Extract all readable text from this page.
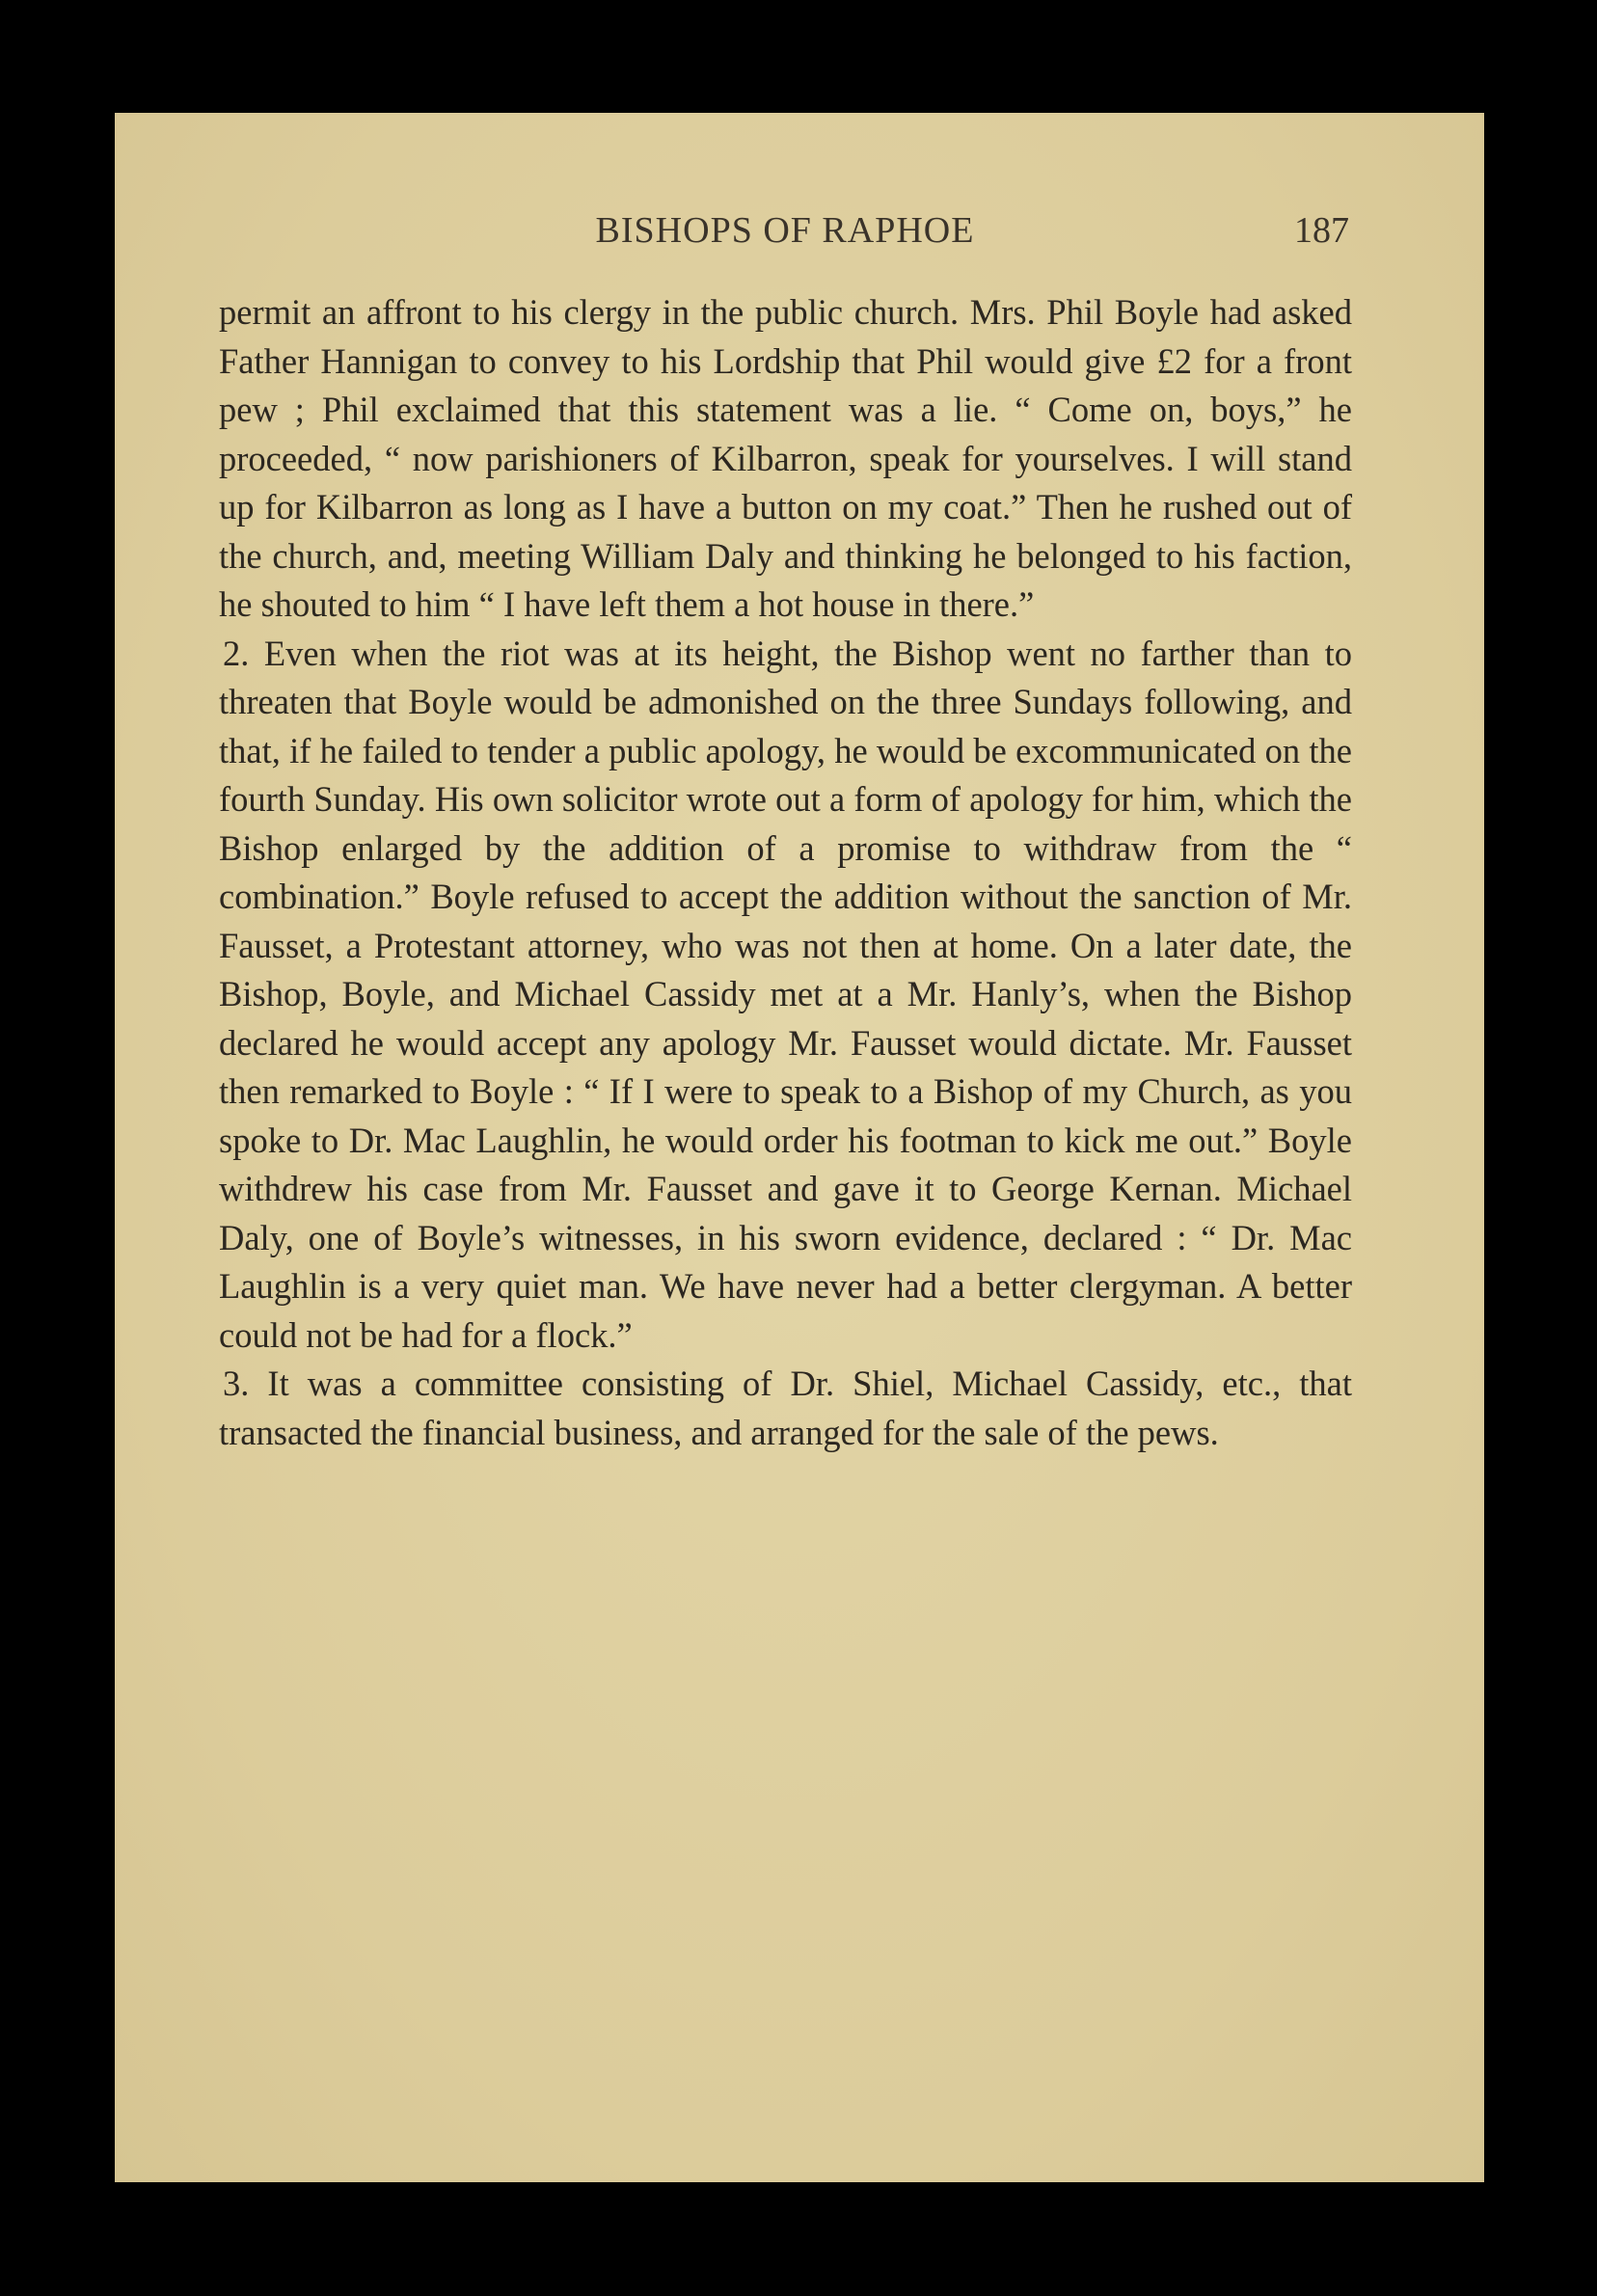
BISHOPS OF RAPHOE	187

permit an affront to his clergy in the public church. Mrs. Phil Boyle had asked Father Hannigan to convey to his Lordship that Phil would give £2 for a front pew ; Phil exclaimed that this statement was a lie. “ Come on, boys,” he proceeded, “ now parishioners of Kilbarron, speak for yourselves. I will stand up for Kilbarron as long as I have a button on my coat.” Then he rushed out of the church, and, meeting William Daly and thinking he belonged to his faction, he shouted to him “ I have left them a hot house in there.”

2. Even when the riot was at its height, the Bishop went no farther than to threaten that Boyle would be admonished on the three Sundays following, and that, if he failed to tender a public apology, he would be excommunicated on the fourth Sunday. His own solicitor wrote out a form of apology for him, which the Bishop enlarged by the addition of a promise to withdraw from the “ combination.” Boyle refused to accept the addition without the sanction of Mr. Fausset, a Protestant attorney, who was not then at home. On a later date, the Bishop, Boyle, and Michael Cassidy met at a Mr. Hanly’s, when the Bishop declared he would accept any apology Mr. Fausset would dictate. Mr. Fausset then remarked to Boyle : “ If I were to speak to a Bishop of my Church, as you spoke to Dr. Mac Laughlin, he would order his footman to kick me out.” Boyle withdrew his case from Mr. Fausset and gave it to George Kernan. Michael Daly, one of Boyle’s witnesses, in his sworn evidence, declared : “ Dr. Mac Laughlin is a very quiet man. We have never had a better clergyman. A better could not be had for a flock.”

3. It was a committee consisting of Dr. Shiel, Michael Cassidy, etc., that transacted the financial business, and arranged for the sale of the pews.
